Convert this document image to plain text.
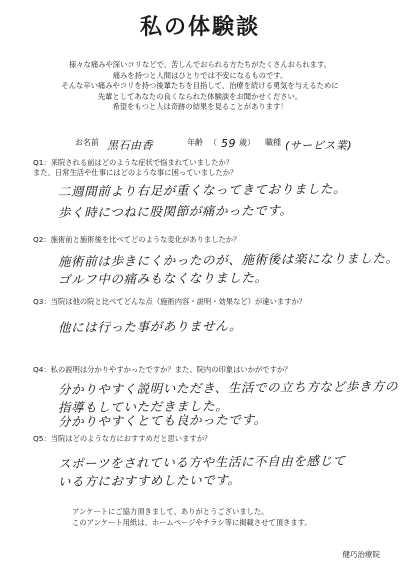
私の体験談
様々な痛みや深いコリなどで、苦しんでおられる方たちがたくさんおられます。
痛みを持つと人間はひとりでは不安になるものです。
そんな辛い痛みやコリを持つ後輩たちを目指して、治療を続ける勇気を与えるために
先輩としてあなたの良くなられた体験談をお聞かせください。
希望をもつと人は奇跡の結果を見ることがあります！
お名前 黒石由香	年齢 （ 59 歳） 職種 (サービス業)
Q1：来院される前はどのような症状で悩まれていましたか？
また、日常生活や仕事にはどのような事に困っていましたか？
二週間前より右足が重くなってきておりました。
歩く時につねに股関節が痛かったです。
Q2：施術前と施術後を比べてどのような変化がありましたか？
施術前は歩きにくかったのが、施術後は楽になりました。
ゴルフ中の痛みもなくなりました。
Q3：当院は他の院と比べてどんな点（施術内容・説明・効果など）が違いますか？
他には行った事がありません。
Q4：私の説明は分かりやすかったですか？また、院内の印象はいかがですか？
分かりやすく説明いただき、生活での立ち方など歩き方の
指導もしていただきました。
分かりやすくとても良かったです。
Q5：当院はどのような方におすすめだと思いますか？
スポーツをされている方や生活に不自由を感じて
いる方におすすめしたいです。
アンケートにご協力頂きまして、ありがとうございました。
このアンケート用紙は、ホームページやチラシ等に掲載させて頂きます。
健巧治療院
